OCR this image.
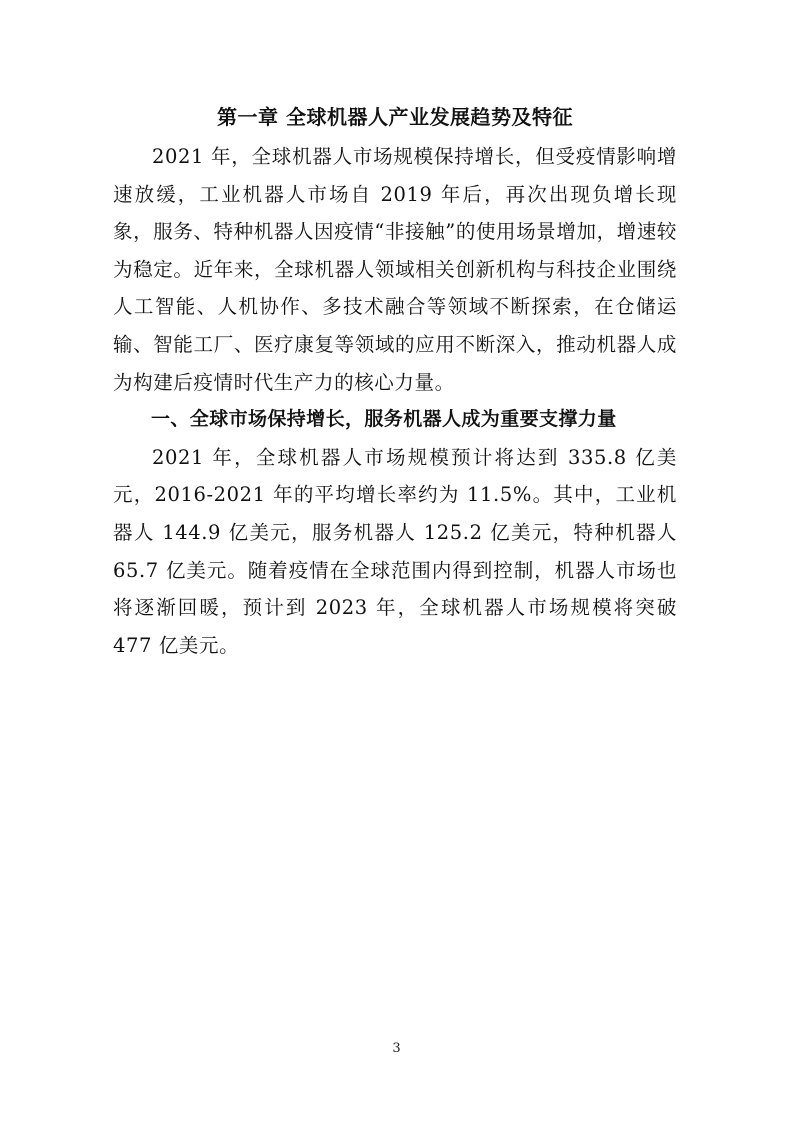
第一章 全球机器人产业发展趋势及特征

2021 年，全球机器人市场规模保持增长，但受疫情影响增速放缓，工业机器人市场自 2019 年后，再次出现负增长现象，服务、特种机器人因疫情“非接触”的使用场景增加，增速较为稳定。近年来，全球机器人领域相关创新机构与科技企业围绕人工智能、人机协作、多技术融合等领域不断探索，在仓储运输、智能工厂、医疗康复等领域的应用不断深入，推动机器人成为构建后疫情时代生产力的核心力量。

一、全球市场保持增长，服务机器人成为重要支撑力量

2021 年，全球机器人市场规模预计将达到 335.8 亿美元，2016-2021 年的平均增长率约为 11.5%。其中，工业机器人 144.9 亿美元，服务机器人 125.2 亿美元，特种机器人 65.7 亿美元。随着疫情在全球范围内得到控制，机器人市场也将逐渐回暖，预计到 2023 年，全球机器人市场规模将突破 477 亿美元。

3
